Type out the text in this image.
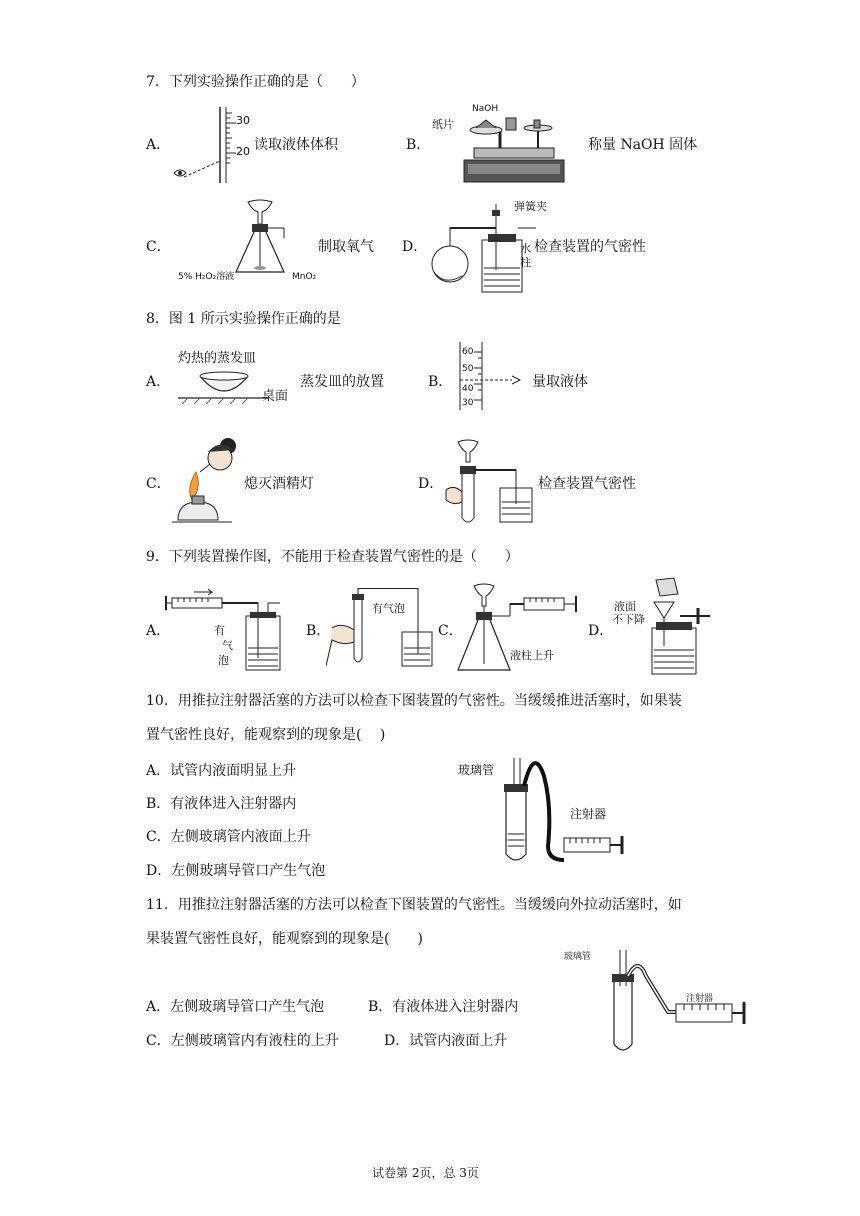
7．下列实验操作正确的是（　　）
A．
30
20 读取液体体积	B．
NaOH
纸片
称量 NaOH 固体
C．
5% H₂O₂溶液	MnO₂
制取氧气 D．
弹簧夹
水
柱
检查装置的气密性
8．图 1 所示实验操作正确的是
A．
灼热的蒸发皿
桌面
蒸发皿的放置	B．
60
50
40
30
量取液体
C．	熄灭酒精灯	D．	检查装置气密性
9．下列装置操作图，不能用于检查装置气密性的是（　　）
A．	有
气
泡
B．
有气泡
C．
液柱上升
D．
液面
不下降
10．用推拉注射器活塞的方法可以检查下图装置的气密性。当缓缓推进活塞时，如果装
置气密性良好，能观察到的现象是(　 )
A．试管内液面明显上升
B．有液体进入注射器内
C．左侧玻璃管内液面上升
D．左侧玻璃导管口产生气泡
玻璃管
注射器
11．用推拉注射器活塞的方法可以检查下图装置的气密性。当缓缓向外拉动活塞时，如
果装置气密性良好，能观察到的现象是(　　)
A．左侧玻璃导管口产生气泡	B．有液体进入注射器内
C．左侧玻璃管内有液柱的上升	D．试管内液面上升
玻璃管
注射器
试卷第 2页，总 3页
